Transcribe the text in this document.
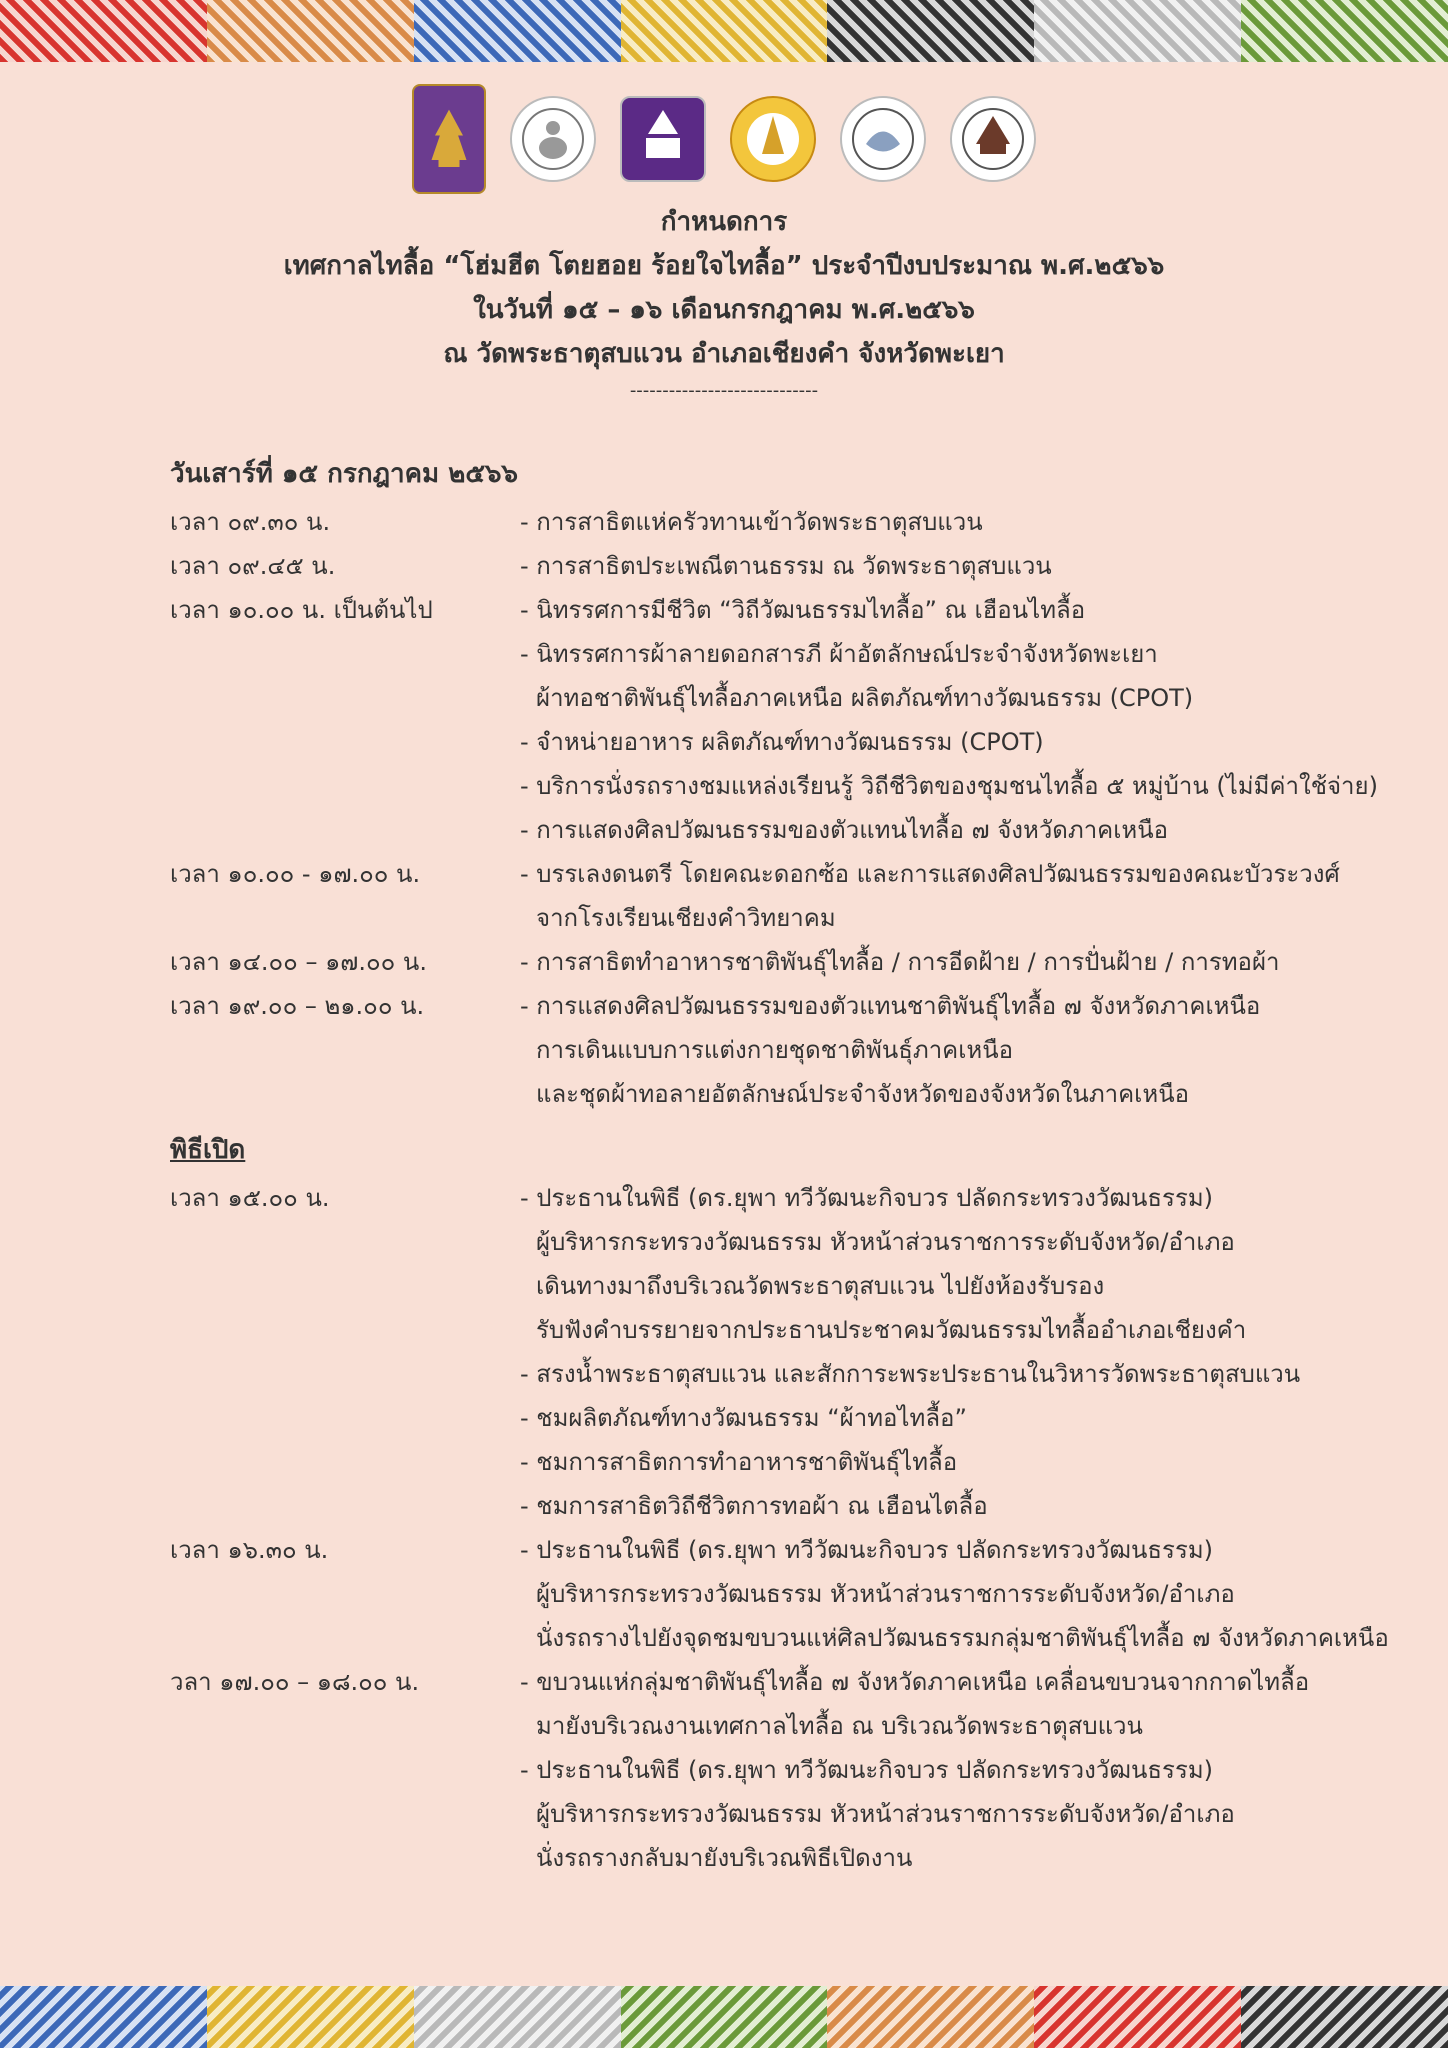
กำหนดการ
เทศกาลไทลื้อ “โฮ่มฮีต โตยฮอย ร้อยใจไทลื้อ” ประจำปีงบประมาณ พ.ศ.๒๕๖๖
ในวันที่ ๑๕ – ๑๖ เดือนกรกฎาคม พ.ศ.๒๕๖๖
ณ วัดพระธาตุสบแวน อำเภอเชียงคำ จังหวัดพะเยา
-----------------------------
วันเสาร์ที่ ๑๕ กรกฎาคม ๒๕๖๖
เวลา ๐๙.๓๐ น.	- การสาธิตแห่ครัวทานเข้าวัดพระธาตุสบแวน
เวลา ๐๙.๔๕ น.	- การสาธิตประเพณีตานธรรม ณ วัดพระธาตุสบแวน
เวลา ๑๐.๐๐ น. เป็นต้นไป	- นิทรรศการมีชีวิต “วิถีวัฒนธรรมไทลื้อ” ณ เฮือนไทลื้อ
- นิทรรศการผ้าลายดอกสารภี ผ้าอัตลักษณ์ประจำจังหวัดพะเยา
ผ้าทอชาติพันธุ์ไทลื้อภาคเหนือ ผลิตภัณฑ์ทางวัฒนธรรม (CPOT)
- จำหน่ายอาหาร ผลิตภัณฑ์ทางวัฒนธรรม (CPOT)
- บริการนั่งรถรางชมแหล่งเรียนรู้ วิถีชีวิตของชุมชนไทลื้อ ๕ หมู่บ้าน (ไม่มีค่าใช้จ่าย)
- การแสดงศิลปวัฒนธรรมของตัวแทนไทลื้อ ๗ จังหวัดภาคเหนือ
เวลา ๑๐.๐๐ - ๑๗.๐๐ น.	- บรรเลงดนตรี โดยคณะดอกซ้อ และการแสดงศิลปวัฒนธรรมของคณะบัวระวงศ์
จากโรงเรียนเชียงคำวิทยาคม
เวลา ๑๔.๐๐ – ๑๗.๐๐ น.	- การสาธิตทำอาหารชาติพันธุ์ไทลื้อ / การอีดฝ้าย / การปั่นฝ้าย / การทอผ้า
เวลา ๑๙.๐๐ – ๒๑.๐๐ น.	- การแสดงศิลปวัฒนธรรมของตัวแทนชาติพันธุ์ไทลื้อ ๗ จังหวัดภาคเหนือ
การเดินแบบการแต่งกายชุดชาติพันธุ์ภาคเหนือ
และชุดผ้าทอลายอัตลักษณ์ประจำจังหวัดของจังหวัดในภาคเหนือ
พิธีเปิด
เวลา ๑๕.๐๐ น.	- ประธานในพิธี (ดร.ยุพา ทวีวัฒนะกิจบวร ปลัดกระทรวงวัฒนธรรม)
ผู้บริหารกระทรวงวัฒนธรรม หัวหน้าส่วนราชการระดับจังหวัด/อำเภอ
เดินทางมาถึงบริเวณวัดพระธาตุสบแวน ไปยังห้องรับรอง
รับฟังคำบรรยายจากประธานประชาคมวัฒนธรรมไทลื้ออำเภอเชียงคำ
- สรงน้ำพระธาตุสบแวน และสักการะพระประธานในวิหารวัดพระธาตุสบแวน
- ชมผลิตภัณฑ์ทางวัฒนธรรม “ผ้าทอไทลื้อ”
- ชมการสาธิตการทำอาหารชาติพันธุ์ไทลื้อ
- ชมการสาธิตวิถีชีวิตการทอผ้า ณ เฮือนไตลื้อ
เวลา ๑๖.๓๐ น.	- ประธานในพิธี (ดร.ยุพา ทวีวัฒนะกิจบวร ปลัดกระทรวงวัฒนธรรม)
ผู้บริหารกระทรวงวัฒนธรรม หัวหน้าส่วนราชการระดับจังหวัด/อำเภอ
นั่งรถรางไปยังจุดชมขบวนแห่ศิลปวัฒนธรรมกลุ่มชาติพันธุ์ไทลื้อ ๗ จังหวัดภาคเหนือ
วลา ๑๗.๐๐ – ๑๘.๐๐ น.	- ขบวนแห่กลุ่มชาติพันธุ์ไทลื้อ ๗ จังหวัดภาคเหนือ เคลื่อนขบวนจากกาดไทลื้อ
มายังบริเวณงานเทศกาลไทลื้อ ณ บริเวณวัดพระธาตุสบแวน
- ประธานในพิธี (ดร.ยุพา ทวีวัฒนะกิจบวร ปลัดกระทรวงวัฒนธรรม)
ผู้บริหารกระทรวงวัฒนธรรม หัวหน้าส่วนราชการระดับจังหวัด/อำเภอ
นั่งรถรางกลับมายังบริเวณพิธีเปิดงาน
